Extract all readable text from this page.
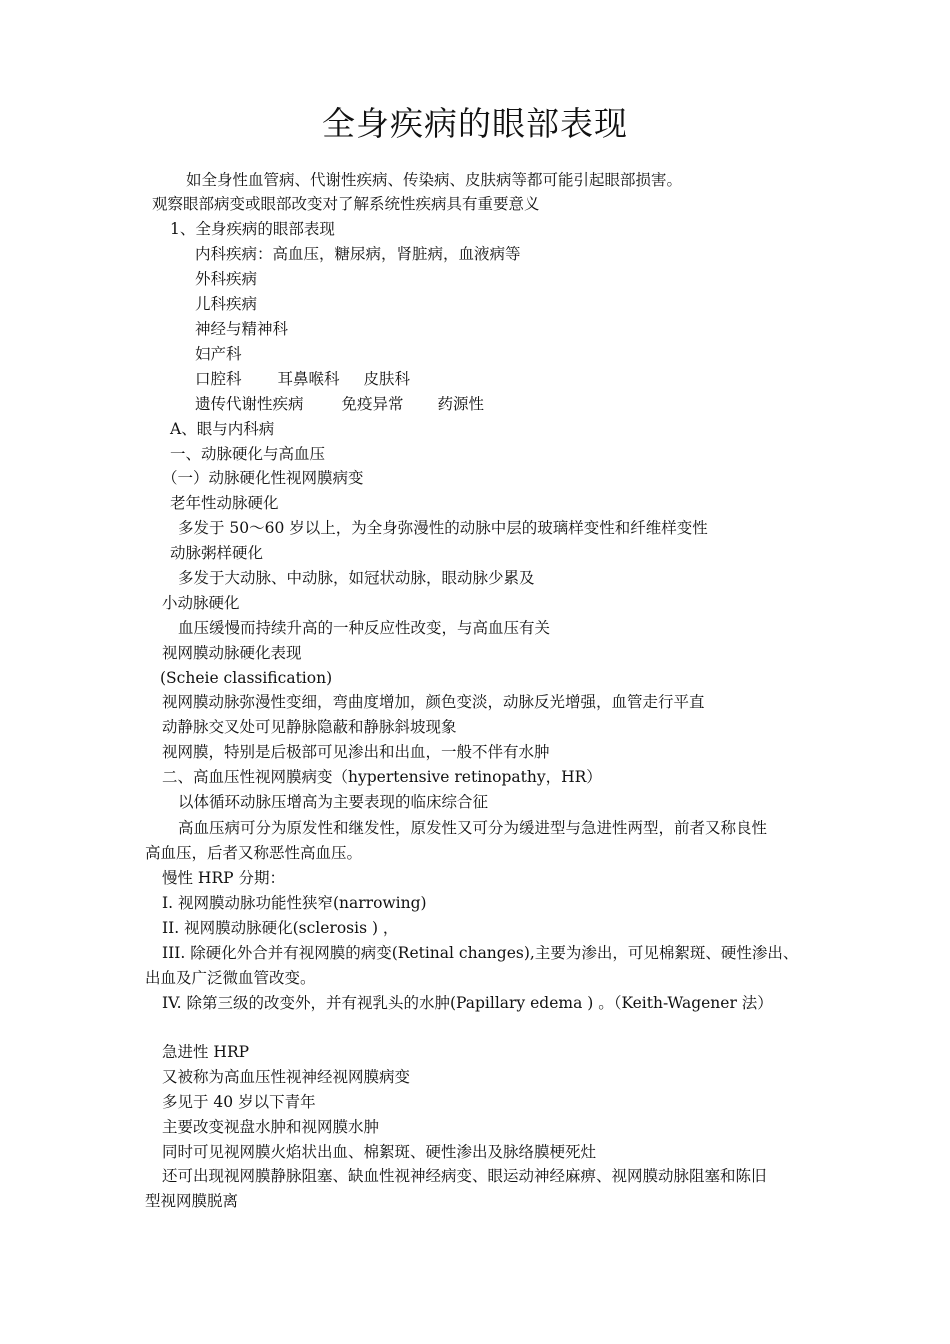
全身疾病的眼部表现
如全身性血管病、代谢性疾病、传染病、皮肤病等都可能引起眼部损害。
观察眼部病变或眼部改变对了解系统性疾病具有重要意义
1、全身疾病的眼部表现
内科疾病：高血压，糖尿病，肾脏病，血液病等
外科疾病
儿科疾病
神经与精神科
妇产科
口腔科 耳鼻喉科 皮肤科
遗传代谢性疾病 免疫异常 药源性
A、眼与内科病
一、动脉硬化与高血压
（一）动脉硬化性视网膜病变
老年性动脉硬化
多发于 50～60 岁以上，为全身弥漫性的动脉中层的玻璃样变性和纤维样变性
动脉粥样硬化
多发于大动脉、中动脉，如冠状动脉，眼动脉少累及
小动脉硬化
血压缓慢而持续升高的一种反应性改变，与高血压有关
视网膜动脉硬化表现
(Scheie classification)
视网膜动脉弥漫性变细，弯曲度增加，颜色变淡，动脉反光增强，血管走行平直
动静脉交叉处可见静脉隐蔽和静脉斜坡现象
视网膜，特别是后极部可见渗出和出血，一般不伴有水肿
二、高血压性视网膜病变（hypertensive retinopathy，HR）
以体循环动脉压增高为主要表现的临床综合征
高血压病可分为原发性和继发性，原发性又可分为缓进型与急进性两型，前者又称良性
高血压，后者又称恶性高血压。
慢性 HRP 分期：
I. 视网膜动脉功能性狭窄(narrowing)
II. 视网膜动脉硬化(sclerosis ) ，
III. 除硬化外合并有视网膜的病变(Retinal changes),主要为渗出，可见棉絮斑、硬性渗出、
出血及广泛微血管改变。
IV. 除第三级的改变外，并有视乳头的水肿(Papillary edema ) 。（Keith-Wagener 法）
急进性 HRP
又被称为高血压性视神经视网膜病变
多见于 40 岁以下青年
主要改变视盘水肿和视网膜水肿
同时可见视网膜火焰状出血、棉絮斑、硬性渗出及脉络膜梗死灶
还可出现视网膜静脉阻塞、缺血性视神经病变、眼运动神经麻痹、视网膜动脉阻塞和陈旧
型视网膜脱离
